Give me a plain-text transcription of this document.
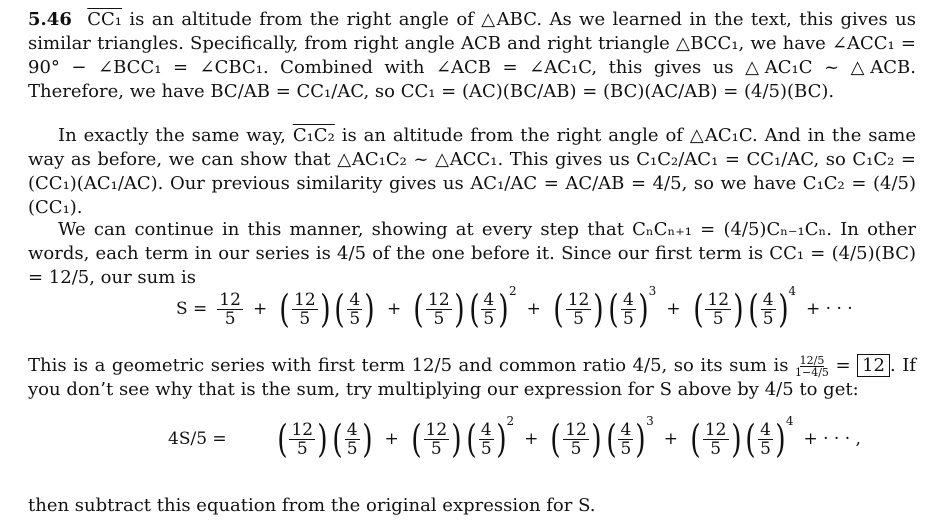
5.46 CC₁ is an altitude from the right angle of △ABC. As we learned in the text, this gives us similar triangles. Specifically, from right angle ACB and right triangle △BCC₁, we have ∠ACC₁ = 90° − ∠BCC₁ = ∠CBC₁. Combined with ∠ACB = ∠AC₁C, this gives us △AC₁C ~ △ACB. Therefore, we have BC/AB = CC₁/AC, so CC₁ = (AC)(BC/AB) = (BC)(AC/AB) = (4/5)(BC).
In exactly the same way, C₁C₂ is an altitude from the right angle of △AC₁C. And in the same way as before, we can show that △AC₁C₂ ~ △ACC₁. This gives us C₁C₂/AC₁ = CC₁/AC, so C₁C₂ = (CC₁)(AC₁/AC). Our previous similarity gives us AC₁/AC = AC/AB = 4/5, so we have C₁C₂ = (4/5)(CC₁).
We can continue in this manner, showing at every step that CₙCₙ₊₁ = (4/5)Cₙ₋₁Cₙ. In other words, each term in our series is 4/5 of the one before it. Since our first term is CC₁ = (4/5)(BC) = 12/5, our sum is
$S = \frac{12}{5}$ + ( $\frac{12}{5}$ ) ( $\frac{4}{5}$ ) + ( $\frac{12}{5}$ ) ( $\frac{4}{5}$ ) 2
+ ( $\frac{12}{5}$ ) ( $\frac{4}{5}$ ) 3
+ ( $\frac{12}{5}$ ) ( $\frac{4}{5}$ ) 4
+ · · ·
This is a geometric series with first term 12/5 and common ratio 4/5, so its sum is $\frac{12/5}{1-4/5} = 12$ . If you don’t see why that is the sum, try multiplying our expression for S above by 4/5 to get:
4S/5 = ( $\frac{12}{5}$ ) ( $\frac{4}{5}$ ) + ( $\frac{12}{5}$ ) ( $\frac{4}{5}$ ) 2
+ ( $\frac{12}{5}$ ) ( $\frac{4}{5}$ ) 3
+ ( $\frac{12}{5}$ ) ( $\frac{4}{5}$ ) 4
+ · · · ,
then subtract this equation from the original expression for S.
